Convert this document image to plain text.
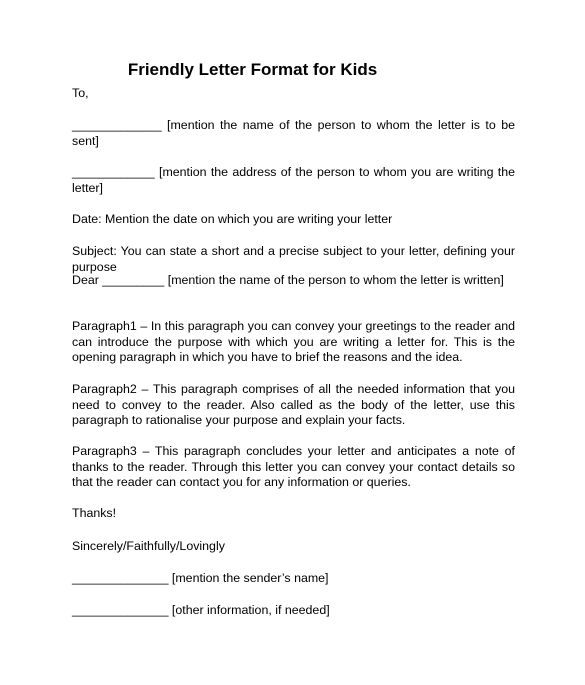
Friendly Letter Format for Kids
To,
_____________ [mention the name of the person to whom the letter is to be sent]
____________ [mention the address of the person to whom you are writing the letter]
Date: Mention the date on which you are writing your letter
Subject: You can state a short and a precise subject to your letter, defining your purpose
Dear _________ [mention the name of the person to whom the letter is written]
Paragraph1 – In this paragraph you can convey your greetings to the reader and can introduce the purpose with which you are writing a letter for. This is the opening paragraph in which you have to brief the reasons and the idea.
Paragraph2 – This paragraph comprises of all the needed information that you need to convey to the reader. Also called as the body of the letter, use this paragraph to rationalise your purpose and explain your facts.
Paragraph3 – This paragraph concludes your letter and anticipates a note of thanks to the reader. Through this letter you can convey your contact details so that the reader can contact you for any information or queries.
Thanks!
Sincerely/Faithfully/Lovingly
______________ [mention the sender’s name]
______________ [other information, if needed]
